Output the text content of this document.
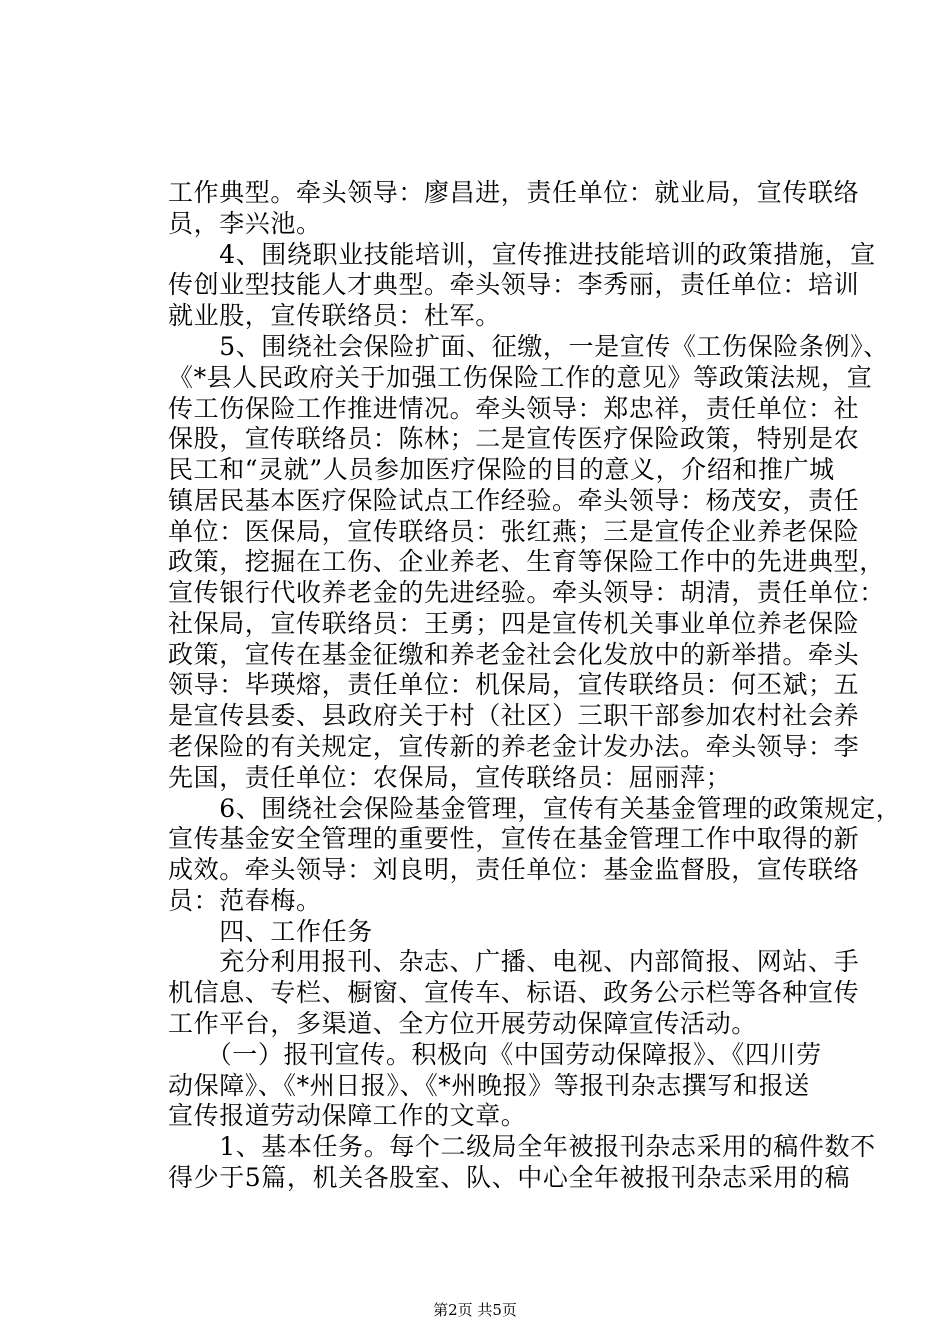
工作典型。牵头领导：廖昌进，责任单位：就业局，宣传联络
员，李兴池。
　　4、围绕职业技能培训，宣传推进技能培训的政策措施，宣
传创业型技能人才典型。牵头领导：李秀丽，责任单位：培训
就业股，宣传联络员：杜军。
　　5、围绕社会保险扩面、征缴，一是宣传《工伤保险条例》、
《*县人民政府关于加强工伤保险工作的意见》等政策法规，宣
传工伤保险工作推进情况。牵头领导：郑忠祥，责任单位：社
保股，宣传联络员：陈林；二是宣传医疗保险政策，特别是农
民工和“灵就”人员参加医疗保险的目的意义，介绍和推广城
镇居民基本医疗保险试点工作经验。牵头领导：杨茂安，责任
单位：医保局，宣传联络员：张红燕；三是宣传企业养老保险
政策，挖掘在工伤、企业养老、生育等保险工作中的先进典型，
宣传银行代收养老金的先进经验。牵头领导：胡清，责任单位：
社保局，宣传联络员：王勇；四是宣传机关事业单位养老保险
政策，宣传在基金征缴和养老金社会化发放中的新举措。牵头
领导：毕瑛熔，责任单位：机保局，宣传联络员：何丕斌；五
是宣传县委、县政府关于村（社区）三职干部参加农村社会养
老保险的有关规定，宣传新的养老金计发办法。牵头领导：李
先国，责任单位：农保局，宣传联络员：屈丽萍；
　　6、围绕社会保险基金管理，宣传有关基金管理的政策规定，
宣传基金安全管理的重要性，宣传在基金管理工作中取得的新
成效。牵头领导：刘良明，责任单位：基金监督股，宣传联络
员：范春梅。
　　四、工作任务
　　充分利用报刊、杂志、广播、电视、内部简报、网站、手
机信息、专栏、橱窗、宣传车、标语、政务公示栏等各种宣传
工作平台，多渠道、全方位开展劳动保障宣传活动。
　　（一）报刊宣传。积极向《中国劳动保障报》、《四川劳
动保障》、《*州日报》、《*州晚报》等报刊杂志撰写和报送
宣传报道劳动保障工作的文章。
　　1、基本任务。每个二级局全年被报刊杂志采用的稿件数不
得少于5篇，机关各股室、队、中心全年被报刊杂志采用的稿
第2页 共5页
